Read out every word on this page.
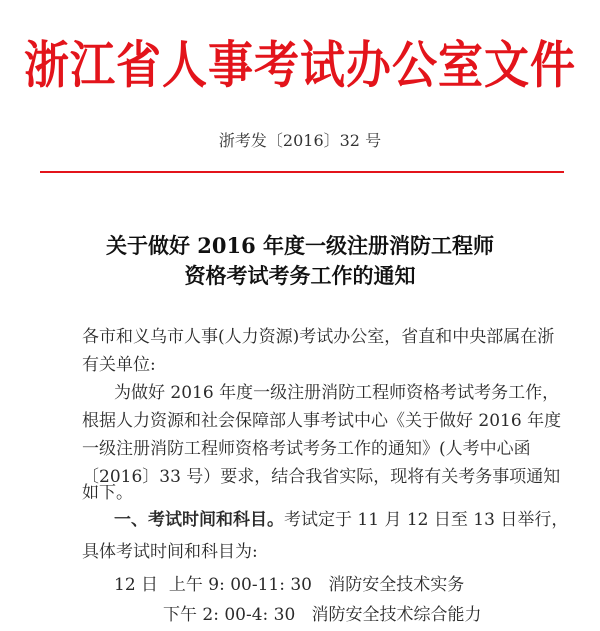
浙江省人事考试办公室文件
浙考发〔2016〕32 号
关于做好 2016 年度一级注册消防工程师
资格考试考务工作的通知
各市和义乌市人事(人力资源)考试办公室，省直和中央部属在浙
有关单位:
为做好 2016 年度一级注册消防工程师资格考试考务工作，
根据人力资源和社会保障部人事考试中心《关于做好 2016 年度
一级注册消防工程师资格考试考务工作的通知》(人考中心函
〔2016〕33 号）要求，结合我省实际，现将有关考务事项通知
如下。
一、考试时间和科目。考试定于 11 月 12 日至 13 日举行，
具体考试时间和科目为:
12 日 上午 9: 00-11: 30 消防安全技术实务
下午 2: 00-4: 30 消防安全技术综合能力
